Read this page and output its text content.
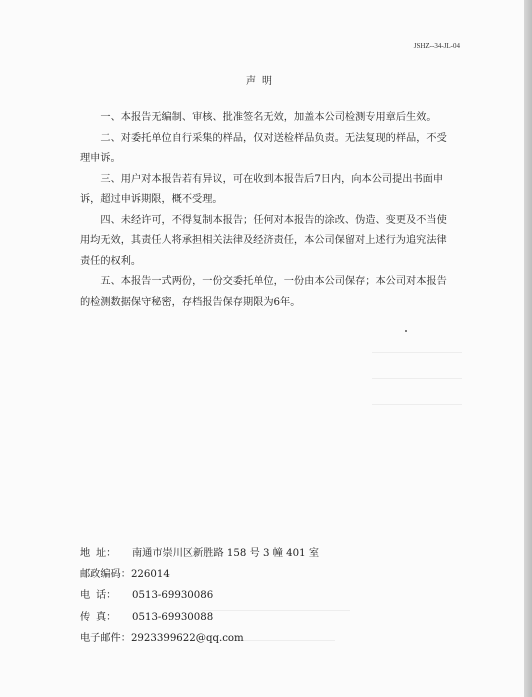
JSHZ--34-JL-04
声明

一、本报告无编制、审核、批准签名无效，加盖本公司检测专用章后生效。

二、对委托单位自行采集的样品，仅对送检样品负责。无法复现的样品，不受理申诉。

三、用户对本报告若有异议，可在收到本报告后7日内，向本公司提出书面申诉，超过申诉期限，概不受理。

四、未经许可，不得复制本报告；任何对本报告的涂改、伪造、变更及不当使用均无效，其责任人将承担相关法律及经济责任，本公司保留对上述行为追究法律责任的权利。

五、本报告一式两份，一份交委托单位，一份由本公司保存；本公司对本报告的检测数据保守秘密，存档报告保存期限为6年。

地 址： 南通市崇川区新胜路 158 号 3 幢 401 室
邮政编码：226014
电 话： 0513-69930086
传 真： 0513-69930088
电子邮件：2923399622@qq.com
